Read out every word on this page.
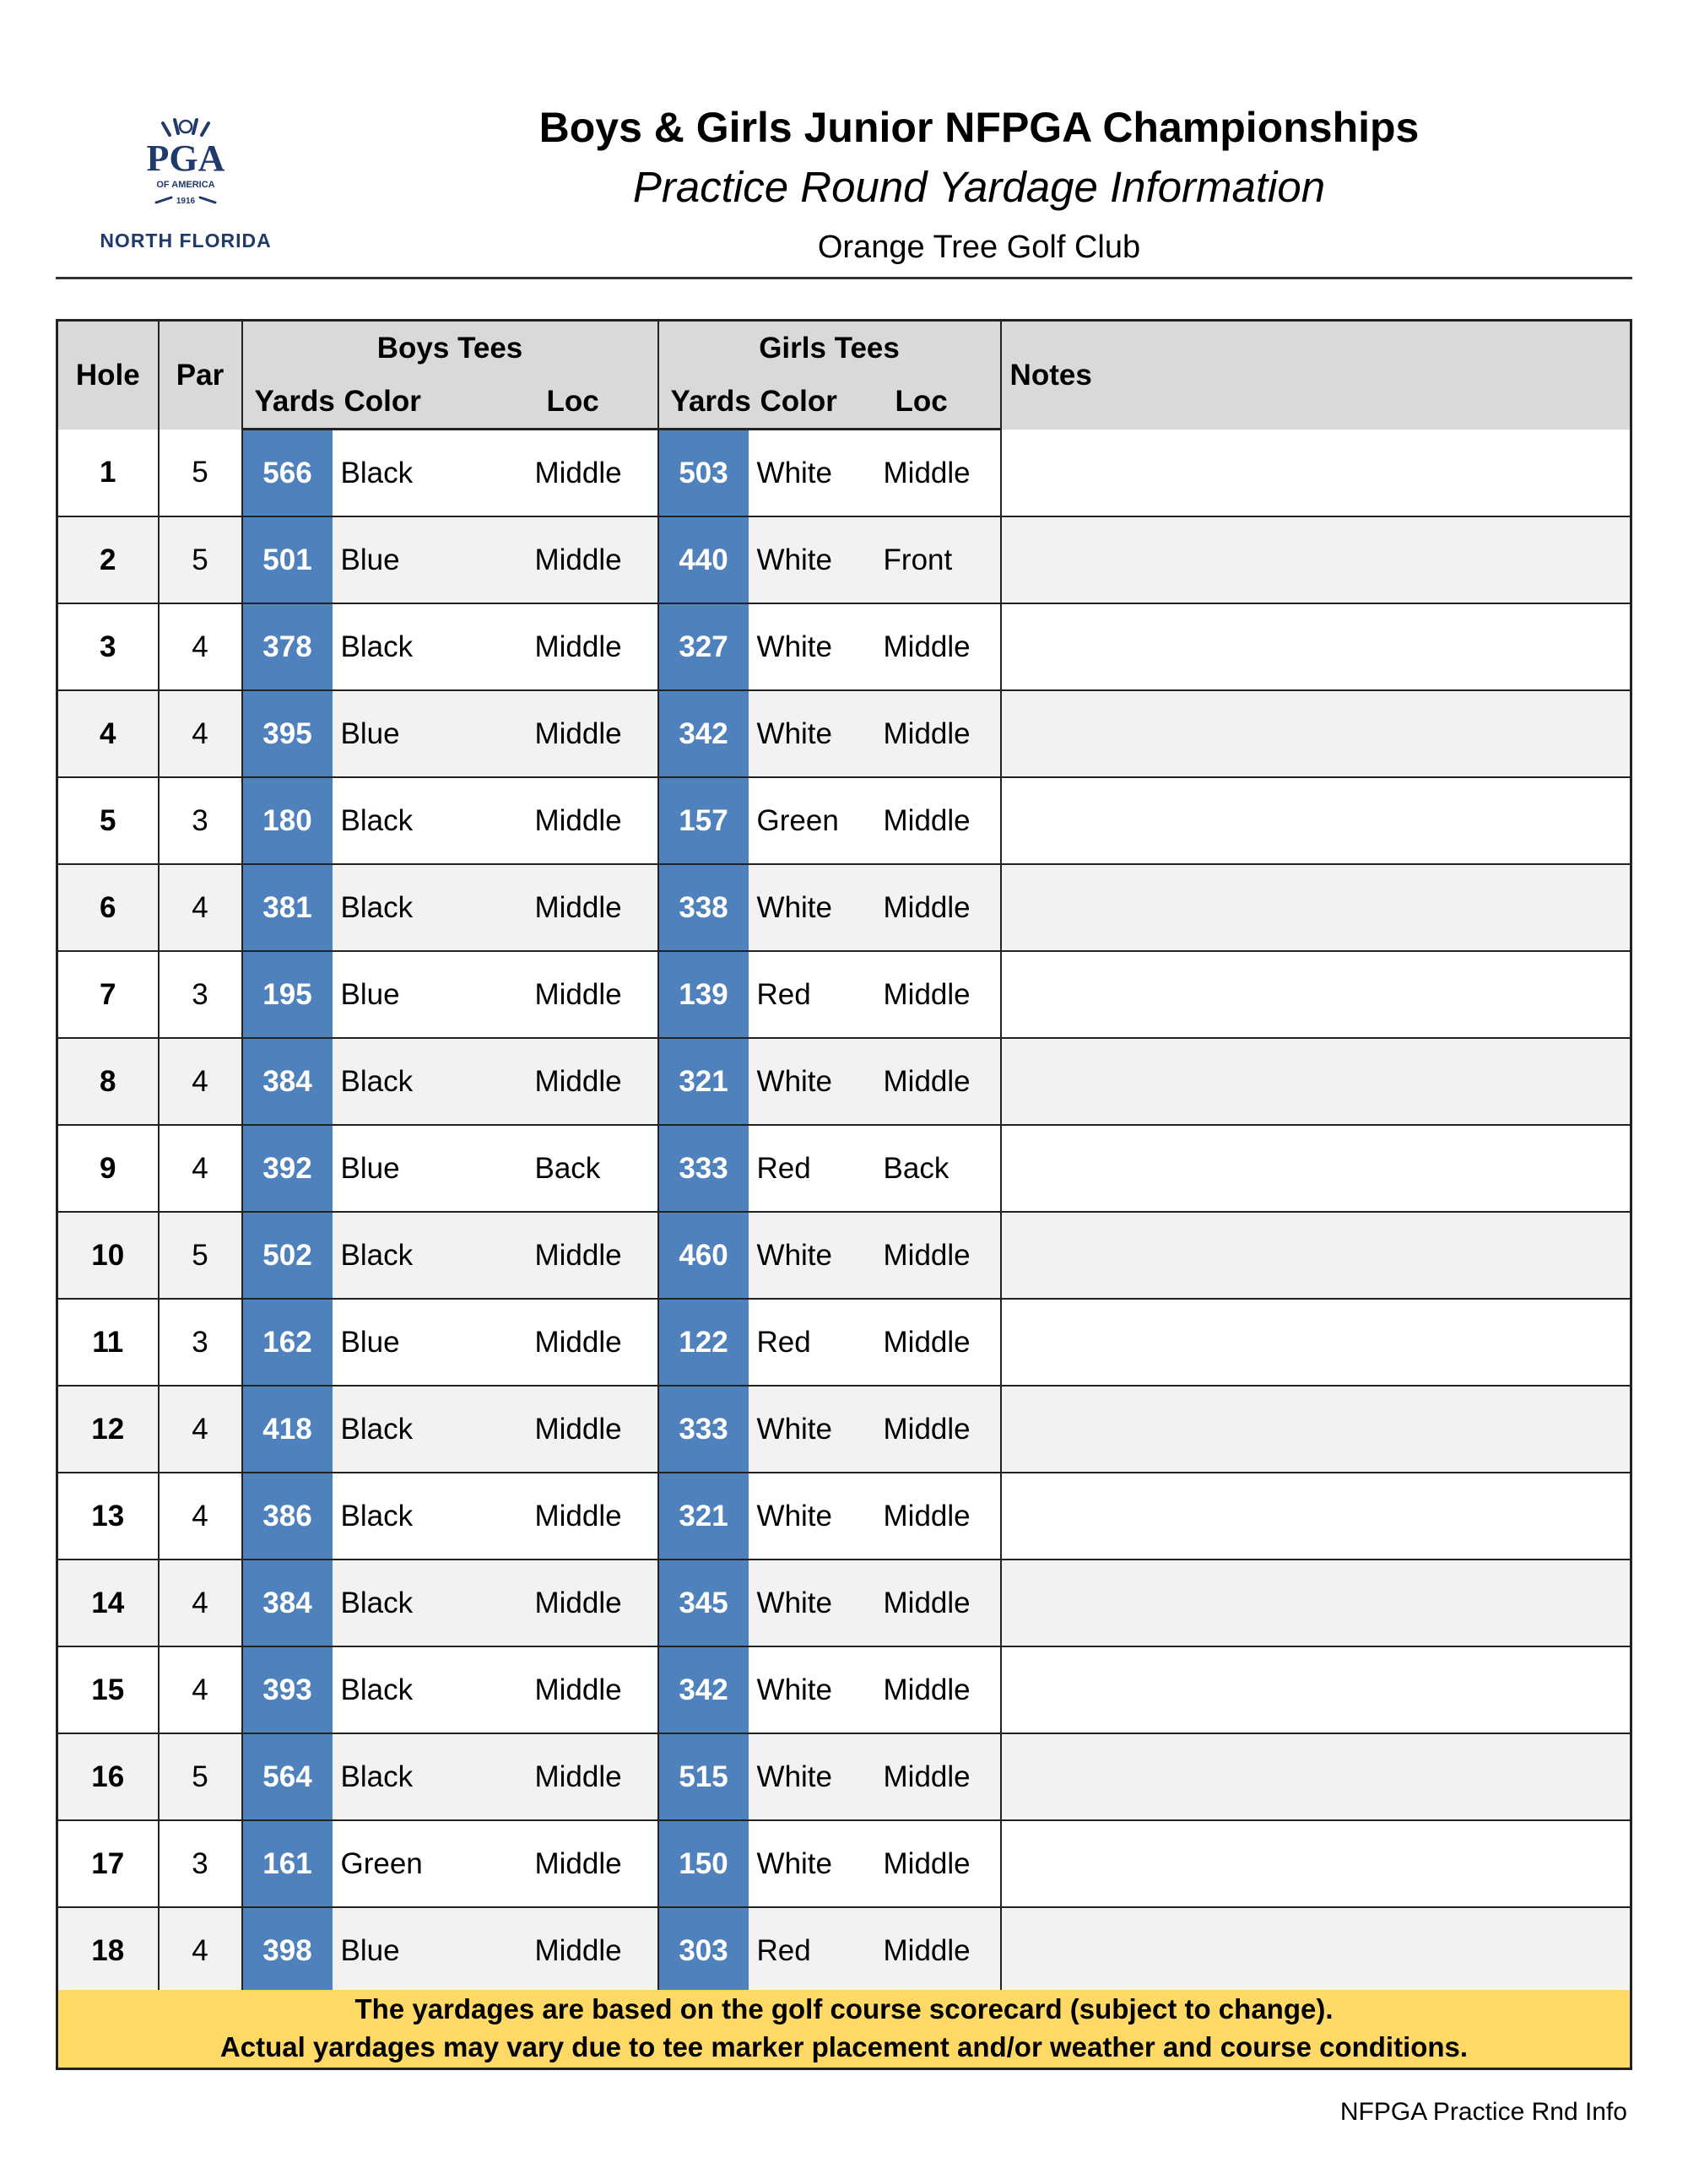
PGA
OF AMERICA
1916
NORTH FLORIDA
Boys & Girls Junior NFPGA Championships
Practice Round Yardage Information
Orange Tree Golf Club
Hole	Par	Boys Tees			Girls Tees			Notes
		Yards	Color	Loc	Yards	Color	Loc	
1	5	566	Black	Middle	503	White	Middle	
2	5	501	Blue	Middle	440	White	Front	
3	4	378	Black	Middle	327	White	Middle	
4	4	395	Blue	Middle	342	White	Middle	
5	3	180	Black	Middle	157	Green	Middle	
6	4	381	Black	Middle	338	White	Middle	
7	3	195	Blue	Middle	139	Red	Middle	
8	4	384	Black	Middle	321	White	Middle	
9	4	392	Blue	Back	333	Red	Back	
10	5	502	Black	Middle	460	White	Middle	
11	3	162	Blue	Middle	122	Red	Middle	
12	4	418	Black	Middle	333	White	Middle	
13	4	386	Black	Middle	321	White	Middle	
14	4	384	Black	Middle	345	White	Middle	
15	4	393	Black	Middle	342	White	Middle	
16	5	564	Black	Middle	515	White	Middle	
17	3	161	Green	Middle	150	White	Middle	
18	4	398	Blue	Middle	303	Red	Middle	
The yardages are based on the golf course scorecard (subject to change).
Actual yardages may vary due to tee marker placement and/or weather and course conditions.
NFPGA Practice Rnd Info
